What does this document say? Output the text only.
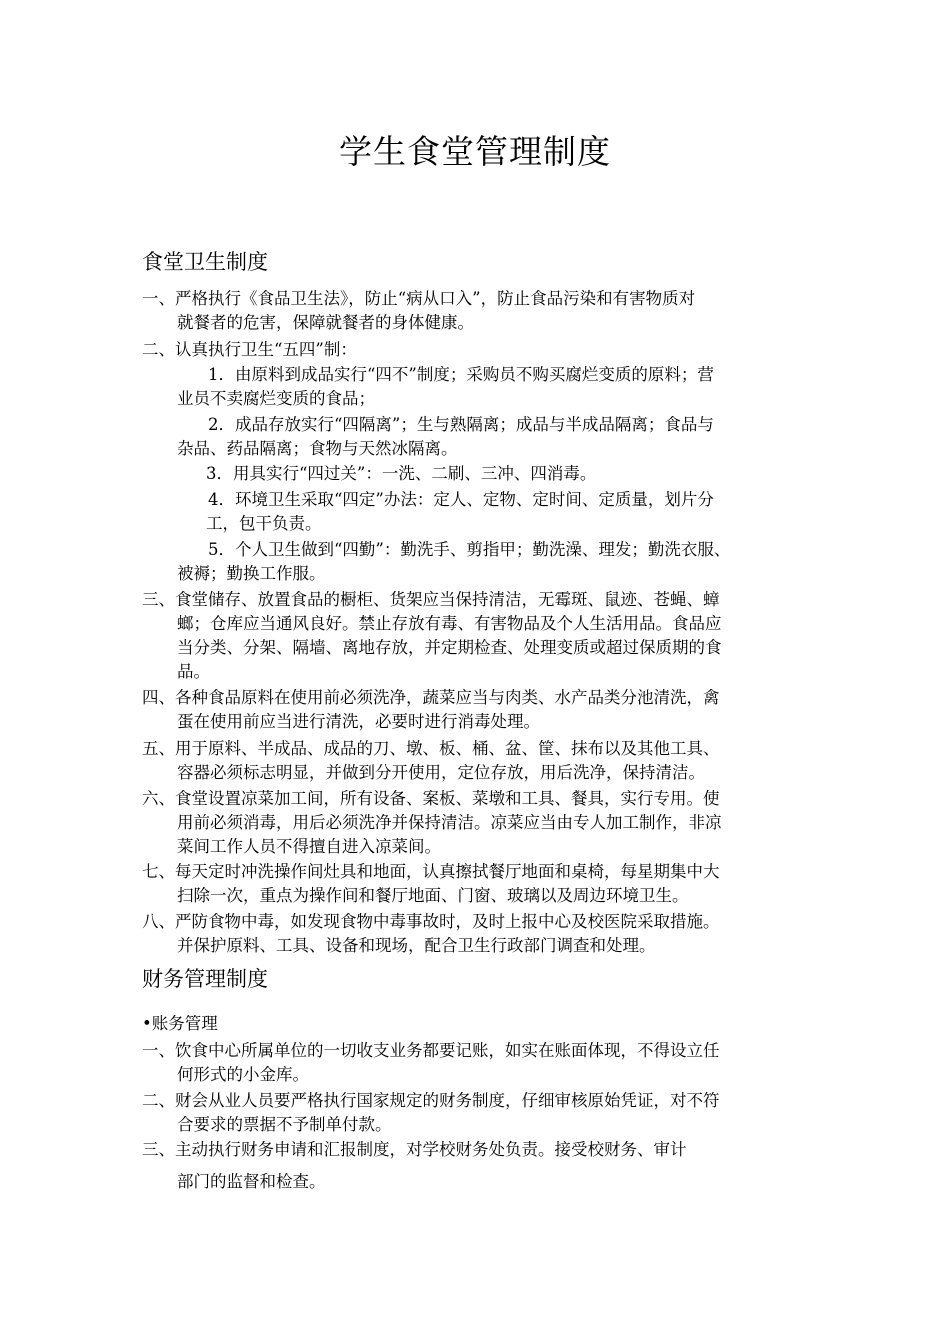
学生食堂管理制度
食堂卫生制度
一、严格执行《食品卫生法》，防止“病从口入”，防止食品污染和有害物质对
就餐者的危害，保障就餐者的身体健康。
二、认真执行卫生“五四”制：
1．由原料到成品实行“四不”制度；采购员不购买腐烂变质的原料；营
业员不卖腐烂变质的食品；
2．成品存放实行“四隔离”；生与熟隔离；成品与半成品隔离；食品与
杂品、药品隔离；食物与天然冰隔离。
3．用具实行“四过关”：一洗、二刷、三冲、四消毒。
4．环境卫生采取“四定”办法：定人、定物、定时间、定质量，划片分
工，包干负责。
5．个人卫生做到“四勤”：勤洗手、剪指甲；勤洗澡、理发；勤洗衣服、
被褥；勤换工作服。
三、食堂储存、放置食品的橱柜、货架应当保持清洁，无霉斑、鼠迹、苍蝇、蟑
螂；仓库应当通风良好。禁止存放有毒、有害物品及个人生活用品。食品应
当分类、分架、隔墙、离地存放，并定期检查、处理变质或超过保质期的食
品。
四、各种食品原料在使用前必须洗净，蔬菜应当与肉类、水产品类分池清洗，禽
蛋在使用前应当进行清洗，必要时进行消毒处理。
五、用于原料、半成品、成品的刀、墩、板、桶、盆、筐、抹布以及其他工具、
容器必须标志明显，并做到分开使用，定位存放，用后洗净，保持清洁。
六、食堂设置凉菜加工间，所有设备、案板、菜墩和工具、餐具，实行专用。使
用前必须消毒，用后必须洗净并保持清洁。凉菜应当由专人加工制作，非凉
菜间工作人员不得擅自进入凉菜间。
七、每天定时冲洗操作间灶具和地面，认真擦拭餐厅地面和桌椅，每星期集中大
扫除一次，重点为操作间和餐厅地面、门窗、玻璃以及周边环境卫生。
八、严防食物中毒，如发现食物中毒事故时，及时上报中心及校医院采取措施。
并保护原料、工具、设备和现场，配合卫生行政部门调查和处理。
财务管理制度
•账务管理
一、饮食中心所属单位的一切收支业务都要记账，如实在账面体现，不得设立任
何形式的小金库。
二、财会从业人员要严格执行国家规定的财务制度，仔细审核原始凭证，对不符
合要求的票据不予制单付款。
三、主动执行财务申请和汇报制度，对学校财务处负责。接受校财务、审计
部门的监督和检查。
